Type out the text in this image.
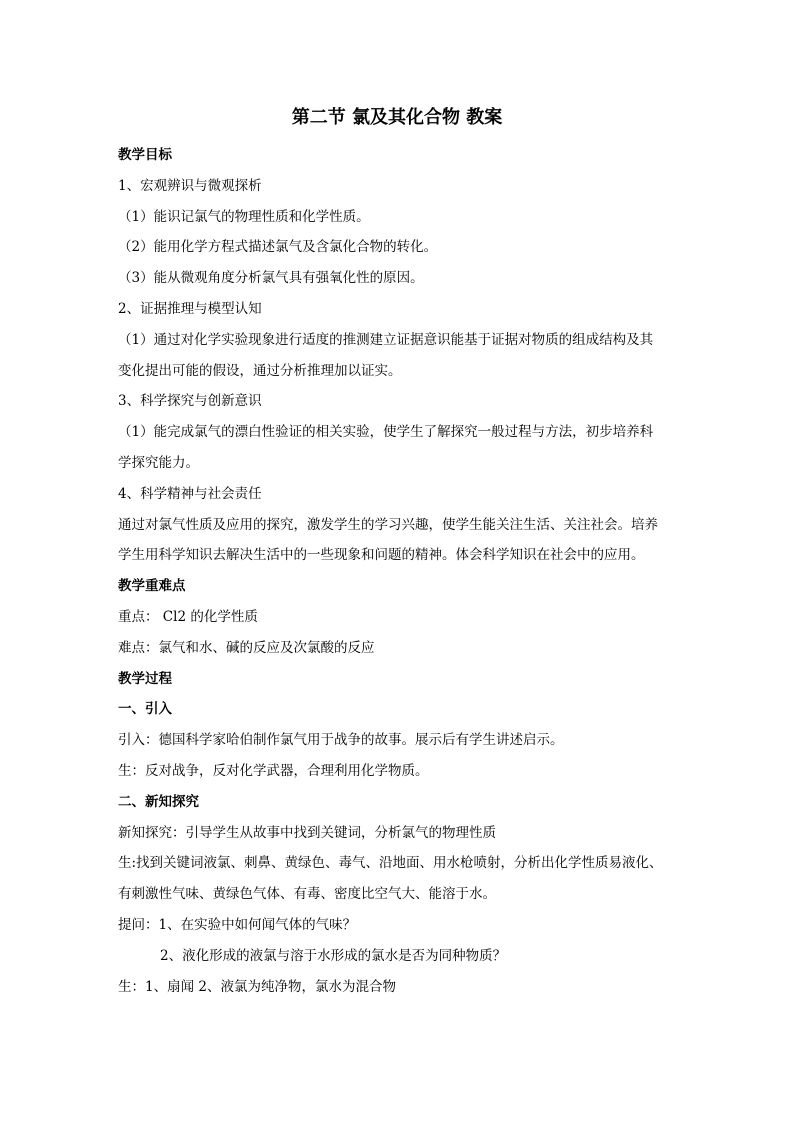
第二节 氯及其化合物 教案
教学目标
1、宏观辨识与微观探析
（1）能识记氯气的物理性质和化学性质。
（2）能用化学方程式描述氯气及含氯化合物的转化。
（3）能从微观角度分析氯气具有强氧化性的原因。
2、证据推理与模型认知
（1）通过对化学实验现象进行适度的推测建立证据意识能基于证据对物质的组成结构及其
变化提出可能的假设，通过分析推理加以证实。
3、科学探究与创新意识
（1）能完成氯气的漂白性验证的相关实验，使学生了解探究一般过程与方法，初步培养科
学探究能力。
4、科学精神与社会责任
通过对氯气性质及应用的探究，激发学生的学习兴趣，使学生能关注生活、关注社会。培养
学生用科学知识去解决生活中的一些现象和问题的精神。体会科学知识在社会中的应用。
教学重难点
重点： Cl2 的化学性质
难点：氯气和水、碱的反应及次氯酸的反应
教学过程
一、引入
引入：德国科学家哈伯制作氯气用于战争的故事。展示后有学生讲述启示。
生：反对战争，反对化学武器，合理利用化学物质。
二、新知探究
新知探究：引导学生从故事中找到关键词，分析氯气的物理性质
生:找到关键词液氯、刺鼻、黄绿色、毒气、沿地面、用水枪喷射，分析出化学性质易液化、
有刺激性气味、黄绿色气体、有毒、密度比空气大、能溶于水。
提问：1、在实验中如何闻气体的气味？
2、液化形成的液氯与溶于水形成的氯水是否为同种物质？
生：1、扇闻 2、液氯为纯净物，氯水为混合物
